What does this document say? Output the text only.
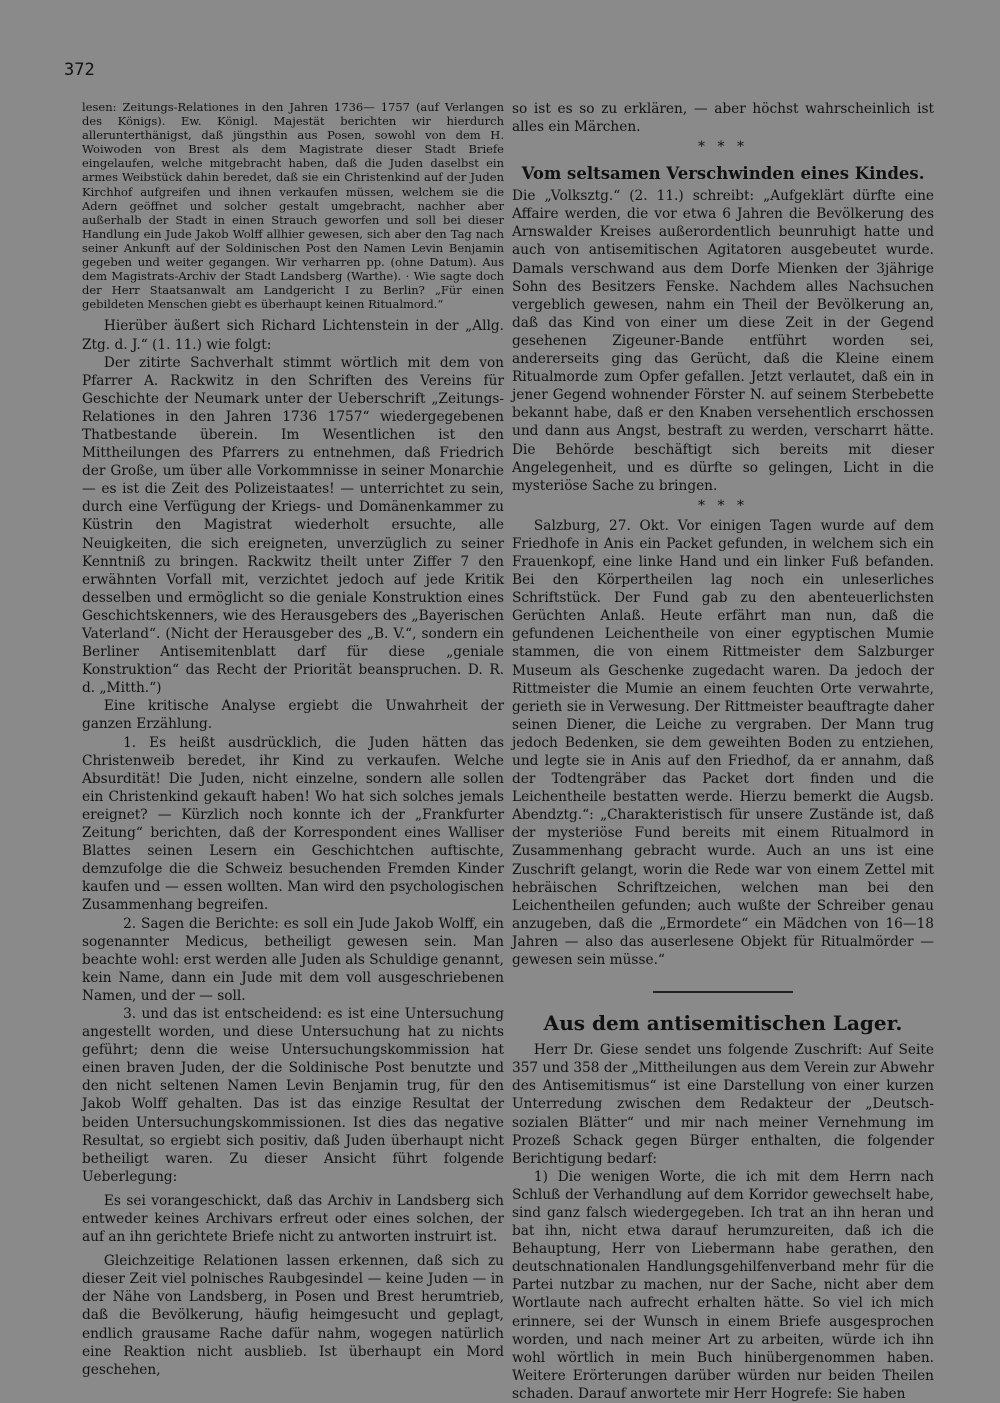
372

lesen: Zeitungs-Relationes in den Jahren 1736— 1757 (auf Verlangen des Königs). Ew. Königl. Majestät berichten wir hierdurch allerunterthänigst, daß jüngsthin aus Posen, sowohl von dem H. Woiwoden von Brest als dem Magistrate dieser Stadt Briefe eingelaufen, welche mitgebracht haben, daß die Juden daselbst ein armes Weibstück dahin beredet, daß sie ein Christenkind auf der Juden Kirchhof aufgreifen und ihnen verkaufen müssen, welchem sie die Adern geöffnet und solcher gestalt umgebracht, nachher aber außerhalb der Stadt in einen Strauch geworfen und soll bei dieser Handlung ein Jude Jakob Wolff allhier gewesen, sich aber den Tag nach seiner Ankunft auf der Soldinischen Post den Namen Levin Benjamin gegeben und weiter gegangen. Wir verharren pp. (ohne Datum). Aus dem Magistrats-Archiv der Stadt Landsberg (Warthe). · Wie sagte doch der Herr Staatsanwalt am Landgericht I zu Berlin? „Für einen gebildeten Menschen giebt es überhaupt keinen Ritualmord.“

Hierüber äußert sich Richard Lichtenstein in der „Allg. Ztg. d. J.“ (1. 11.) wie folgt:

Der zitirte Sachverhalt stimmt wörtlich mit dem von Pfarrer A. Rackwitz in den Schriften des Vereins für Geschichte der Neumark unter der Ueberschrift „Zeitungs-Relationes in den Jahren 1736 1757“ wiedergegebenen Thatbestande überein. Im Wesentlichen ist den Mittheilungen des Pfarrers zu entnehmen, daß Friedrich der Große, um über alle Vorkommnisse in seiner Monarchie — es ist die Zeit des Polizeistaates! — unterrichtet zu sein, durch eine Verfügung der Kriegs- und Domänenkammer zu Küstrin den Magistrat wiederholt ersuchte, alle Neuigkeiten, die sich ereigneten, unverzüglich zu seiner Kenntniß zu bringen. Rackwitz theilt unter Ziffer 7 den erwähnten Vorfall mit, verzichtet jedoch auf jede Kritik desselben und ermöglicht so die geniale Konstruktion eines Geschichtskenners, wie des Herausgebers des „Bayerischen Vaterland“. (Nicht der Herausgeber des „B. V.“, sondern ein Berliner Antisemitenblatt darf für diese „geniale Konstruktion“ das Recht der Priorität beanspruchen. D. R. d. „Mitth.“)

Eine kritische Analyse ergiebt die Unwahrheit der ganzen Erzählung.

1. Es heißt ausdrücklich, die Juden hätten das Christenweib beredet, ihr Kind zu verkaufen. Welche Absurdität! Die Juden, nicht einzelne, sondern alle sollen ein Christenkind gekauft haben! Wo hat sich solches jemals ereignet? — Kürzlich noch konnte ich der „Frankfurter Zeitung“ berichten, daß der Korrespondent eines Walliser Blattes seinen Lesern ein Geschichtchen auftischte, demzufolge die die Schweiz besuchenden Fremden Kinder kaufen und — essen wollten. Man wird den psychologischen Zusammenhang begreifen.

2. Sagen die Berichte: es soll ein Jude Jakob Wolff, ein sogenannter Medicus, betheiligt gewesen sein. Man beachte wohl: erst werden alle Juden als Schuldige genannt, kein Name, dann ein Jude mit dem voll ausgeschriebenen Namen, und der — soll.

3. und das ist entscheidend: es ist eine Untersuchung angestellt worden, und diese Untersuchung hat zu nichts geführt; denn die weise Untersuchungskommission hat einen braven Juden, der die Soldinische Post benutzte und den nicht seltenen Namen Levin Benjamin trug, für den Jakob Wolff gehalten. Das ist das einzige Resultat der beiden Untersuchungskommissionen. Ist dies das negative Resultat, so ergiebt sich positiv, daß Juden überhaupt nicht betheiligt waren. Zu dieser Ansicht führt folgende Ueberlegung:

Es sei vorangeschickt, daß das Archiv in Landsberg sich entweder keines Archivars erfreut oder eines solchen, der auf an ihn gerichtete Briefe nicht zu antworten instruirt ist.

Gleichzeitige Relationen lassen erkennen, daß sich zu dieser Zeit viel polnisches Raubgesindel — keine Juden — in der Nähe von Landsberg, in Posen und Brest herumtrieb, daß die Bevölkerung, häufig heimgesucht und geplagt, endlich grausame Rache dafür nahm, wogegen natürlich eine Reaktion nicht ausblieb. Ist überhaupt ein Mord geschehen,

so ist es so zu erklären, — aber höchst wahrscheinlich ist alles ein Märchen.

* * *
Vom seltsamen Verschwinden eines Kindes.

Die „Volksztg.“ (2. 11.) schreibt: „Aufgeklärt dürfte eine Affaire werden, die vor etwa 6 Jahren die Bevölkerung des Arnswalder Kreises außerordentlich beunruhigt hatte und auch von antisemitischen Agitatoren ausgebeutet wurde. Damals verschwand aus dem Dorfe Mienken der 3jährige Sohn des Besitzers Fenske. Nachdem alles Nachsuchen vergeblich gewesen, nahm ein Theil der Bevölkerung an, daß das Kind von einer um diese Zeit in der Gegend gesehenen Zigeuner-Bande entführt worden sei, andererseits ging das Gerücht, daß die Kleine einem Ritualmorde zum Opfer gefallen. Jetzt verlautet, daß ein in jener Gegend wohnender Förster N. auf seinem Sterbebette bekannt habe, daß er den Knaben versehentlich erschossen und dann aus Angst, bestraft zu werden, verscharrt hätte. Die Behörde beschäftigt sich bereits mit dieser Angelegenheit, und es dürfte so gelingen, Licht in die mysteriöse Sache zu bringen.

* * *

Salzburg, 27. Okt. Vor einigen Tagen wurde auf dem Friedhofe in Anis ein Packet gefunden, in welchem sich ein Frauenkopf, eine linke Hand und ein linker Fuß befanden. Bei den Körpertheilen lag noch ein unleserliches Schriftstück. Der Fund gab zu den abenteuerlichsten Gerüchten Anlaß. Heute erfährt man nun, daß die gefundenen Leichentheile von einer egyptischen Mumie stammen, die von einem Rittmeister dem Salzburger Museum als Geschenke zugedacht waren. Da jedoch der Rittmeister die Mumie an einem feuchten Orte verwahrte, gerieth sie in Verwesung. Der Rittmeister beauftragte daher seinen Diener, die Leiche zu vergraben. Der Mann trug jedoch Bedenken, sie dem geweihten Boden zu entziehen, und legte sie in Anis auf den Friedhof, da er annahm, daß der Todtengräber das Packet dort finden und die Leichentheile bestatten werde. Hierzu bemerkt die Augsb. Abendztg.“: „Charakteristisch für unsere Zustände ist, daß der mysteriöse Fund bereits mit einem Ritualmord in Zusammenhang gebracht wurde. Auch an uns ist eine Zuschrift gelangt, worin die Rede war von einem Zettel mit hebräischen Schriftzeichen, welchen man bei den Leichentheilen gefunden; auch wußte der Schreiber genau anzugeben, daß die „Ermordete“ ein Mädchen von 16—18 Jahren — also das auserlesene Objekt für Ritualmörder — gewesen sein müsse.“

Aus dem antisemitischen Lager.

Herr Dr. Giese sendet uns folgende Zuschrift: Auf Seite 357 und 358 der „Mittheilungen aus dem Verein zur Abwehr des Antisemitismus“ ist eine Darstellung von einer kurzen Unterredung zwischen dem Redakteur der „Deutsch-sozialen Blätter“ und mir nach meiner Vernehmung im Prozeß Schack gegen Bürger enthalten, die folgender Berichtigung bedarf:

1) Die wenigen Worte, die ich mit dem Herrn nach Schluß der Verhandlung auf dem Korridor gewechselt habe, sind ganz falsch wiedergegeben. Ich trat an ihn heran und bat ihn, nicht etwa darauf herumzureiten, daß ich die Behauptung, Herr von Liebermann habe gerathen, den deutschnationalen Handlungsgehilfenverband mehr für die Partei nutzbar zu machen, nur der Sache, nicht aber dem Wortlaute nach aufrecht erhalten hätte. So viel ich mich erinnere, sei der Wunsch in einem Briefe ausgesprochen worden, und nach meiner Art zu arbeiten, würde ich ihn wohl wörtlich in mein Buch hinübergenommen haben. Weitere Erörterungen darüber würden nur beiden Theilen schaden. Darauf anwortete mir Herr Hogrefe: Sie haben
